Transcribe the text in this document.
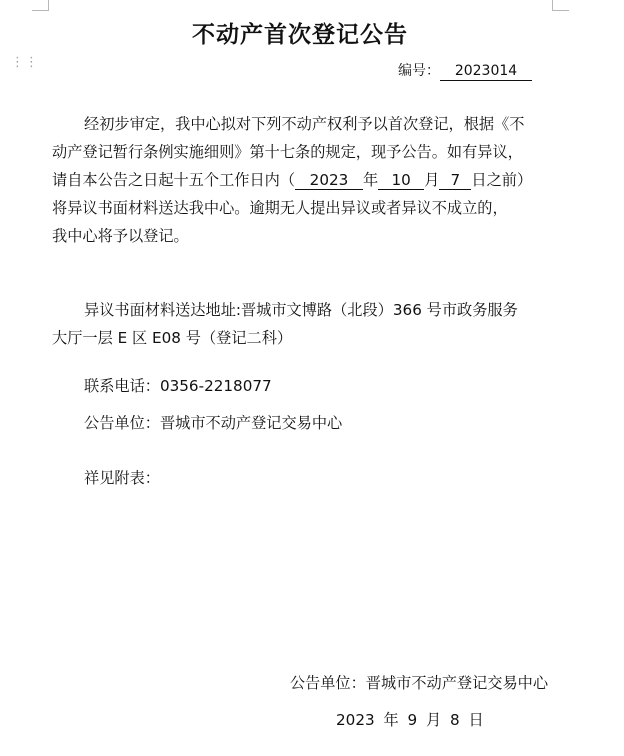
⋮⋮
不动产首次登记公告
编号： 2023014
经初步审定，我中心拟对下列不动产权利予以首次登记，根据《不
动产登记暂行条例实施细则》第十七条的规定，现予公告。如有异议，
请自本公告之日起十五个工作日内（ 2023 年 10 月 7 日之前）
将异议书面材料送达我中心。逾期无人提出异议或者异议不成立的，
我中心将予以登记。
异议书面材料送达地址:晋城市文博路（北段）366 号市政务服务
大厅一层 E 区 E08 号（登记二科）
联系电话：0356-2218077
公告单位：晋城市不动产登记交易中心
祥见附表：
公告单位：晋城市不动产登记交易中心
2023 年 9 月 8 日
